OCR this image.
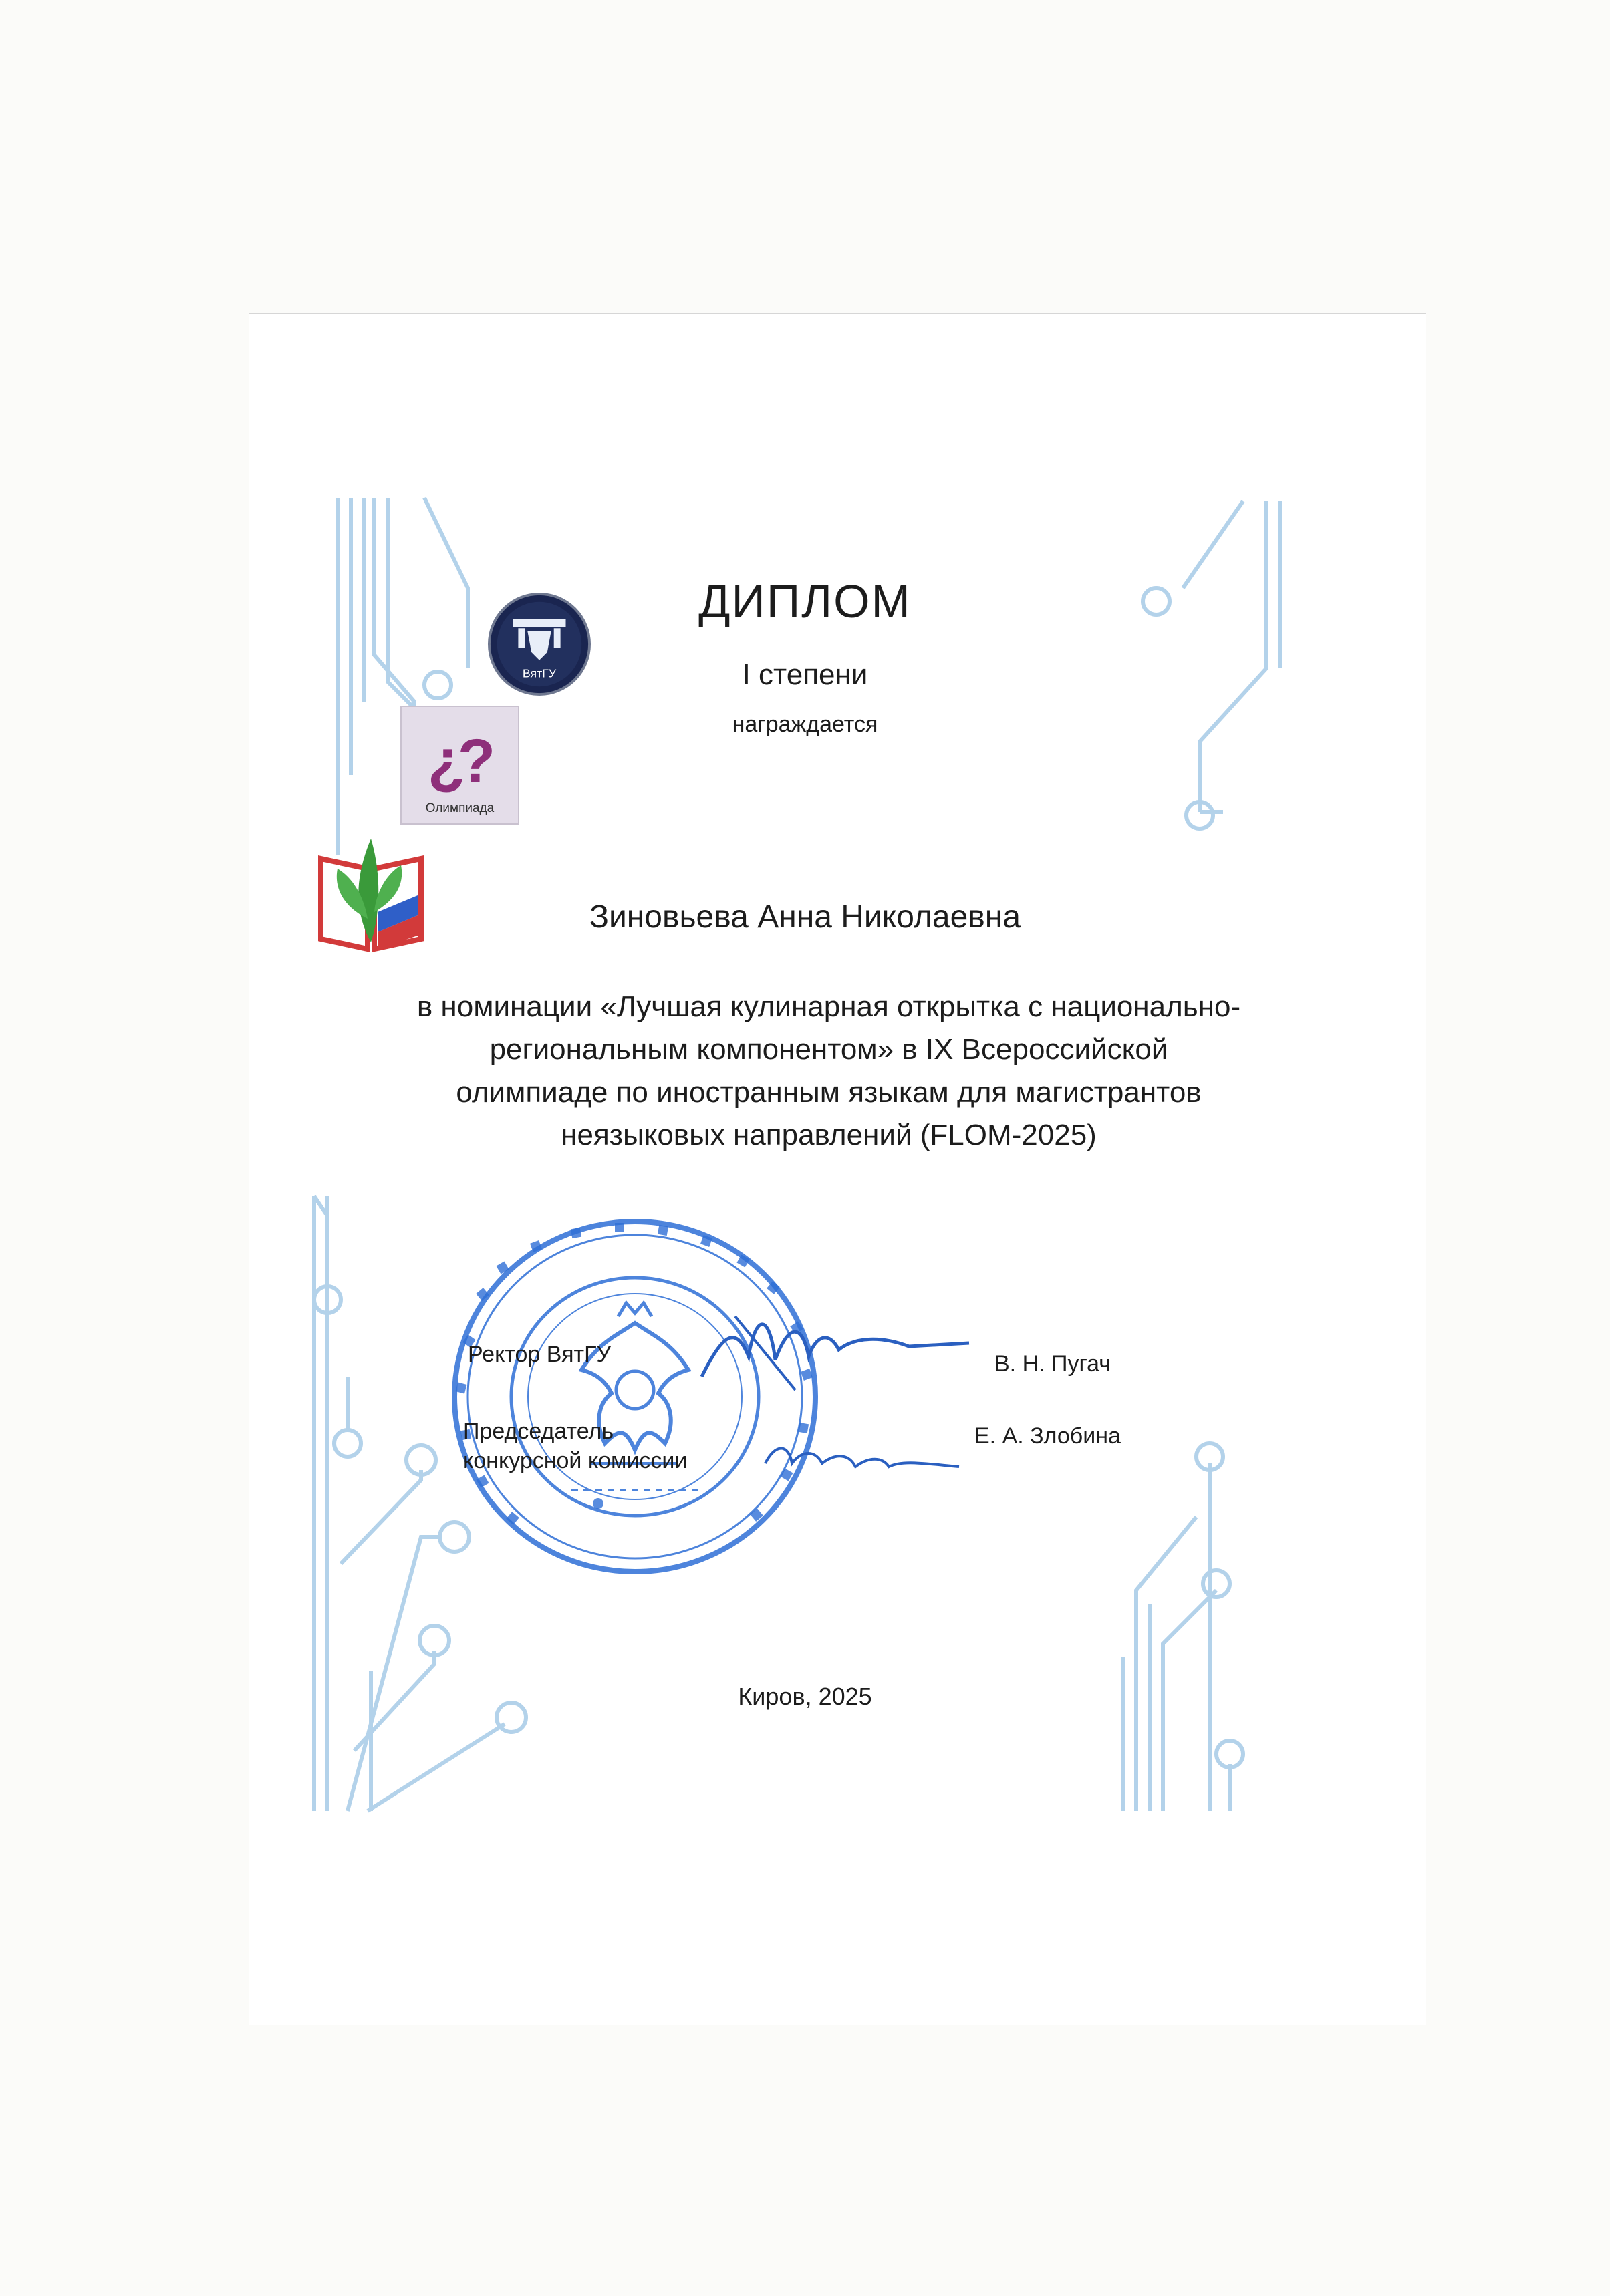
ВятГУ
¿
?
Олимпиада
ДИПЛОМ
I степени
награждается
Зиновьева Анна Николаевна
в номинации «Лучшая кулинарная открытка с национально-
региональным компонентом» в IX Всероссийской
олимпиаде по иностранным языкам для магистрантов
неязыковых направлений (FLOM-2025)
Ректор ВятГУ	В. Н. Пугач
Председатель
конкурсной комиссии
Е. А. Злобина
Киров, 2025
